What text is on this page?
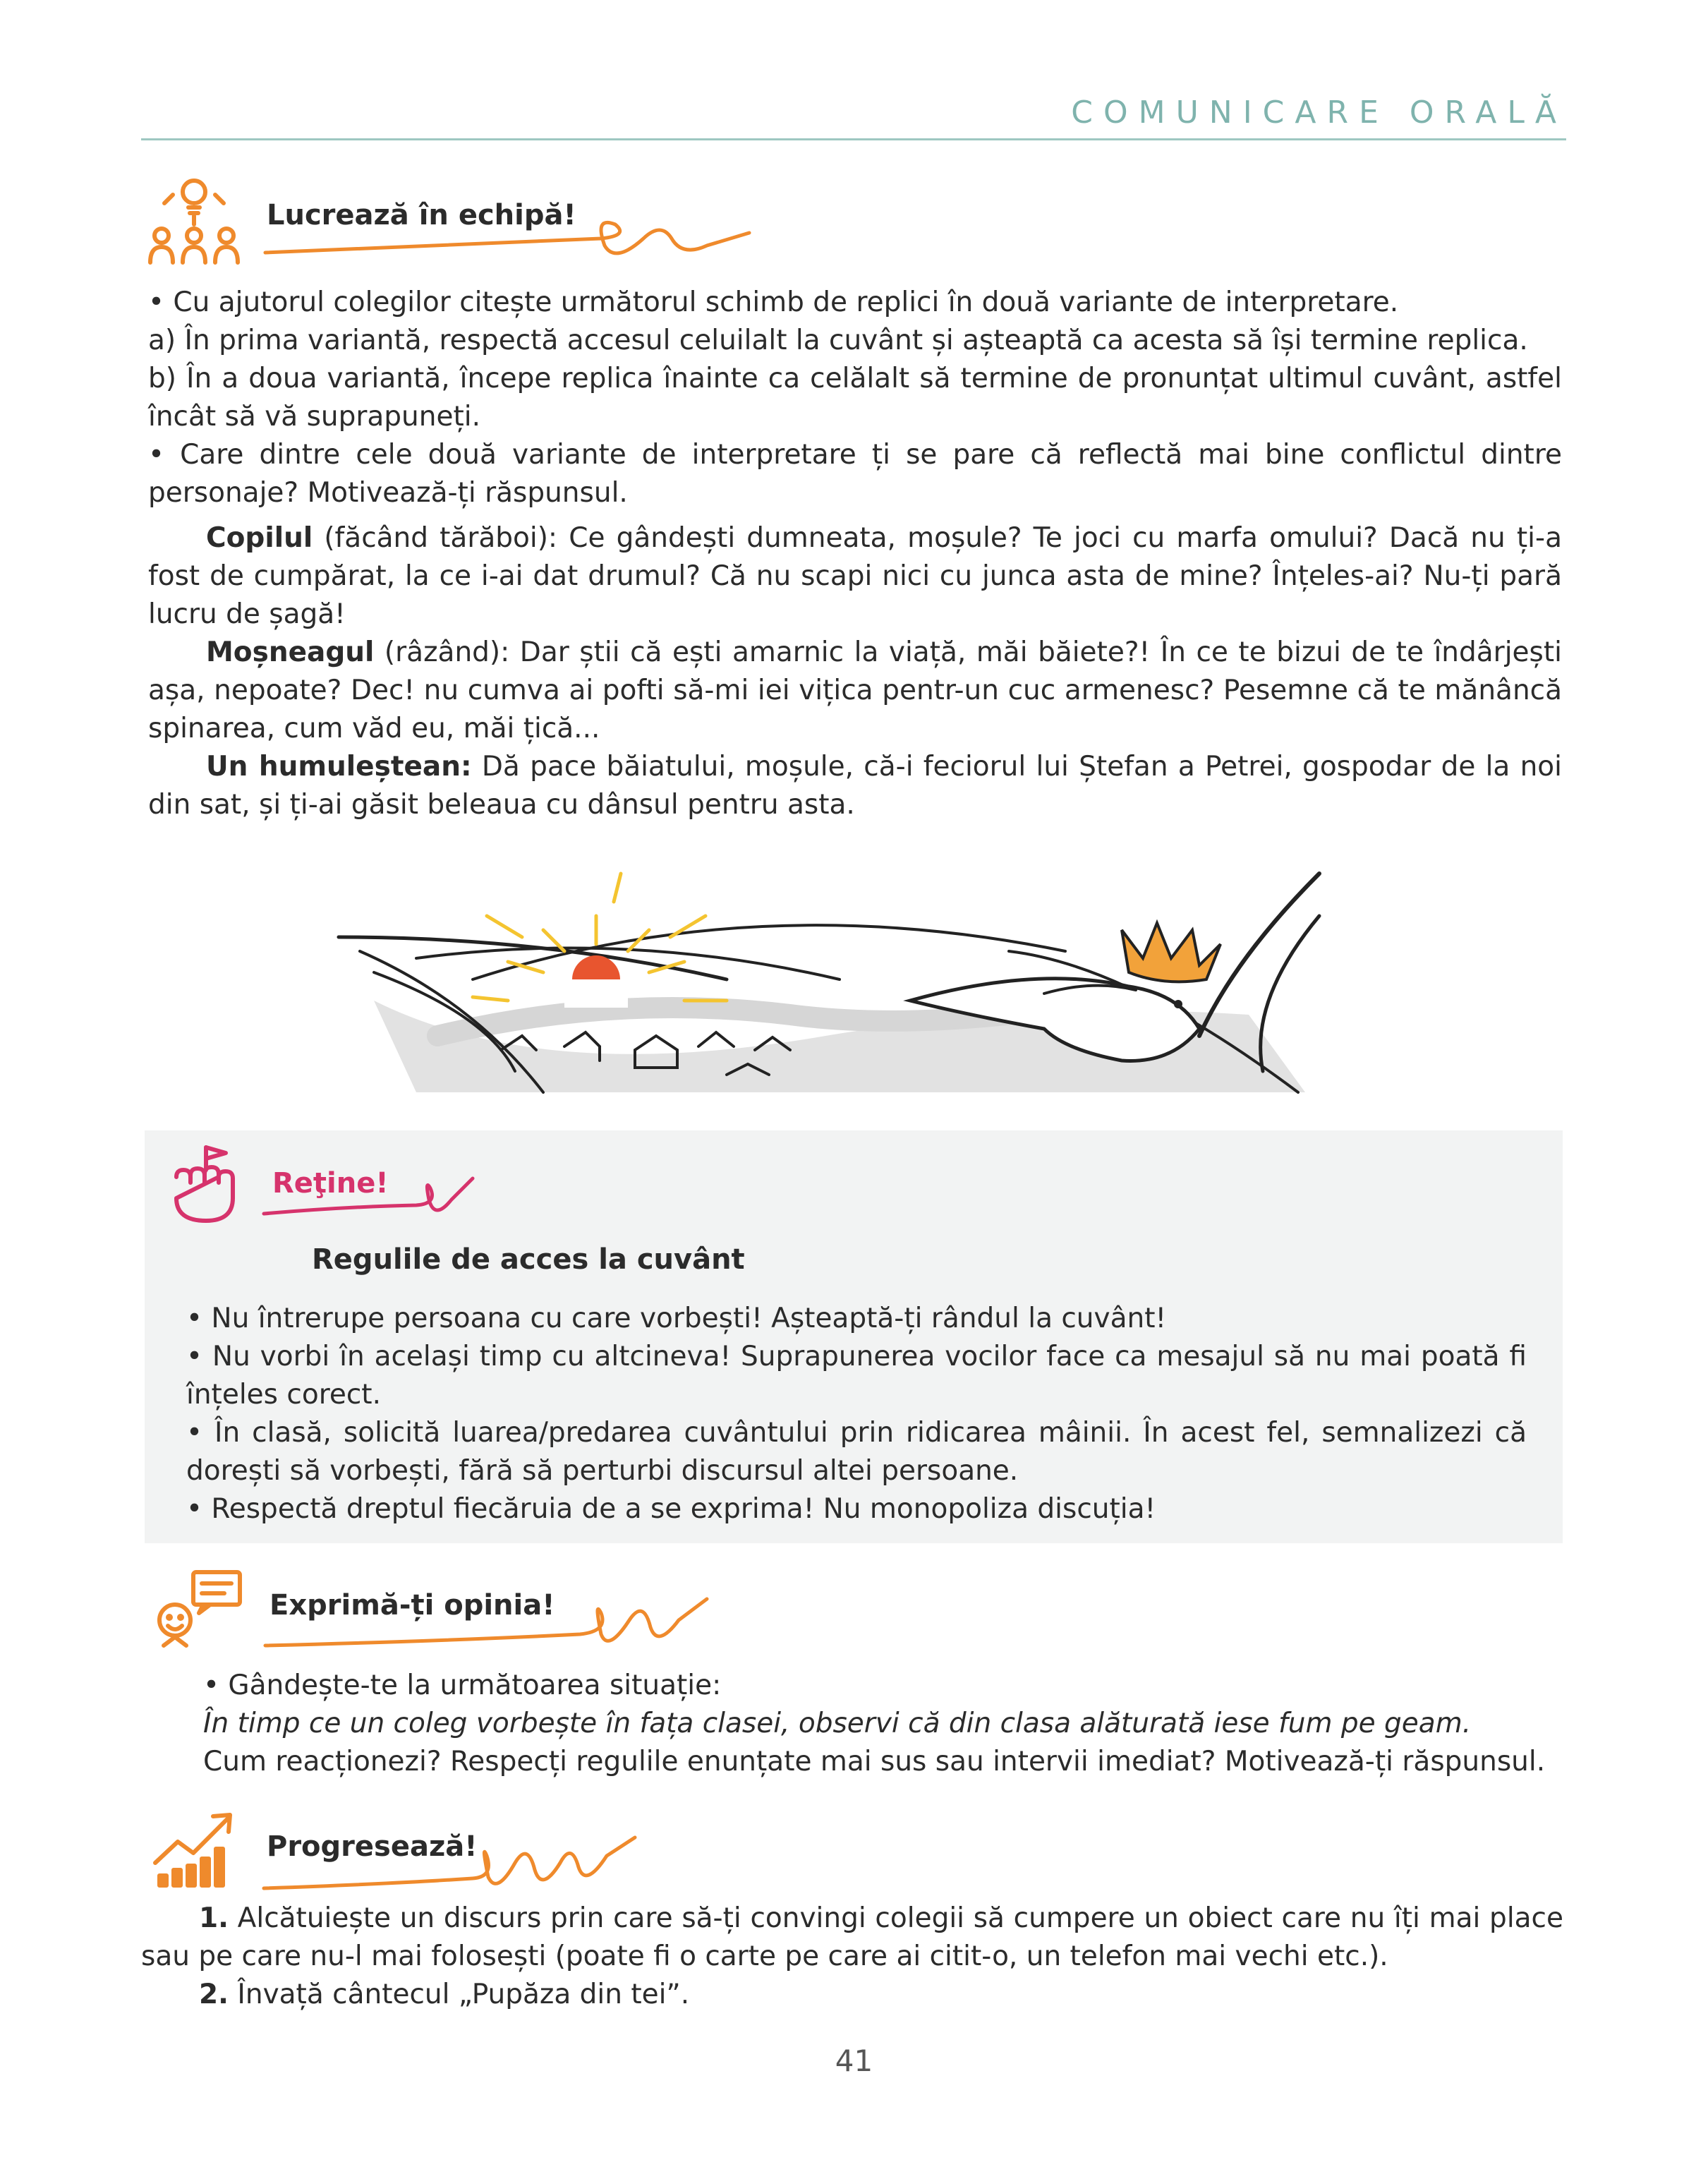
COMUNICARE ORALĂ
Lucrează în echipă!

• Cu ajutorul colegilor citește următorul schimb de replici în două variante de interpretare.

a) În prima variantă, respectă accesul celuilalt la cuvânt și așteaptă ca acesta să își termine replica.

b) În a doua variantă, începe replica înainte ca celălalt să termine de pronunțat ultimul cuvânt, astfel încât să vă suprapuneți.

• Care dintre cele două variante de interpretare ți se pare că reflectă mai bine conflictul dintre personaje? Motivează-ți răspunsul.

Copilul (făcând tărăboi): Ce gândești dumneata, moșule? Te joci cu marfa omului? Dacă nu ți-a fost de cumpărat, la ce i-ai dat drumul? Că nu scapi nici cu junca asta de mine? Înțeles-ai? Nu-ți pară lucru de șagă!

Moșneagul (râzând): Dar știi că ești amarnic la viață, măi băiete?! În ce te bizui de te îndârjești așa, nepoate? Dec! nu cumva ai pofti să-mi iei vițica pentr-un cuc armenesc? Pesemne că te mănâncă spinarea, cum văd eu, măi țică...

Un humuleștean: Dă pace băiatului, moșule, că-i feciorul lui Ștefan a Petrei, gospodar de la noi din sat, și ți-ai găsit beleaua cu dânsul pentru asta.

Reţine!
Regulile de acces la cuvânt

• Nu întrerupe persoana cu care vorbești! Așteaptă-ți rândul la cuvânt!

• Nu vorbi în același timp cu altcineva! Suprapunerea vocilor face ca mesajul să nu mai poată fi înțeles corect.

• În clasă, solicită luarea/predarea cuvântului prin ridicarea mâinii. În acest fel, semnalizezi că dorești să vorbești, fără să perturbi discursul altei persoane.

• Respectă dreptul fiecăruia de a se exprima! Nu monopoliza discuția!

Exprimă-ți opinia!

• Gândește-te la următoarea situație:

În timp ce un coleg vorbește în fața clasei, observi că din clasa alăturată iese fum pe geam.

Cum reacționezi? Respecți regulile enunțate mai sus sau intervii imediat? Motivează-ți răspunsul.

Progresează!

1. Alcătuiește un discurs prin care să-ți convingi colegii să cumpere un obiect care nu îți mai place sau pe care nu-l mai folosești (poate fi o carte pe care ai citit-o, un telefon mai vechi etc.).

2. Învață cântecul „Pupăza din tei”.

41
